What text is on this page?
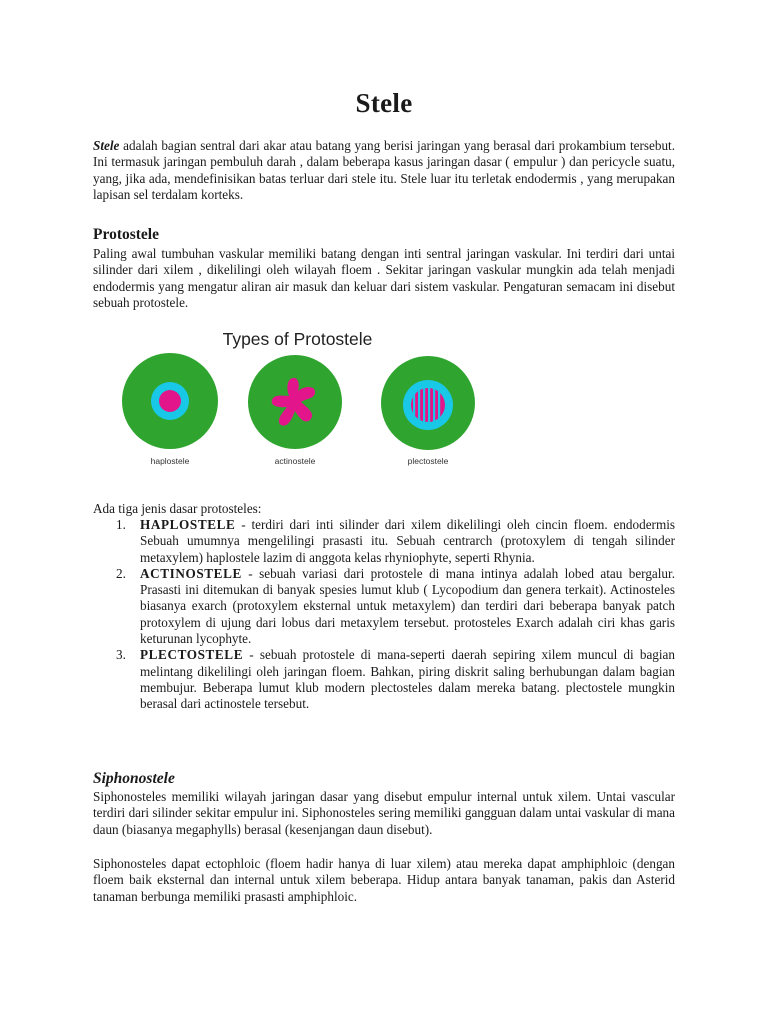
Stele

Stele adalah bagian sentral dari akar atau batang yang berisi jaringan yang berasal dari prokambium tersebut. Ini termasuk jaringan pembuluh darah , dalam beberapa kasus jaringan dasar ( empulur ) dan pericycle suatu, yang, jika ada, mendefinisikan batas terluar dari stele itu. Stele luar itu terletak endodermis , yang merupakan lapisan sel terdalam korteks.

Protostele

Paling awal tumbuhan vaskular memiliki batang dengan inti sentral jaringan vaskular. Ini terdiri dari untai silinder dari xilem , dikelilingi oleh wilayah floem . Sekitar jaringan vaskular mungkin ada telah menjadi endodermis yang mengatur aliran air masuk dan keluar dari sistem vaskular. Pengaturan semacam ini disebut sebuah protostele.

Types of Protostele
haplostele	actinostele	plectostele

Ada tiga jenis dasar protosteles:

1. HAPLOSTELE - terdiri dari inti silinder dari xilem dikelilingi oleh cincin floem. endodermis Sebuah umumnya mengelilingi prasasti itu. Sebuah centrarch (protoxylem di tengah silinder metaxylem) haplostele lazim di anggota kelas rhyniophyte, seperti Rhynia.

2. ACTINOSTELE - sebuah variasi dari protostele di mana intinya adalah lobed atau bergalur. Prasasti ini ditemukan di banyak spesies lumut klub ( Lycopodium dan genera terkait). Actinosteles biasanya exarch (protoxylem eksternal untuk metaxylem) dan terdiri dari beberapa banyak patch protoxylem di ujung dari lobus dari metaxylem tersebut. protosteles Exarch adalah ciri khas garis keturunan lycophyte.

3. PLECTOSTELE - sebuah protostele di mana-seperti daerah sepiring xilem muncul di bagian melintang dikelilingi oleh jaringan floem. Bahkan, piring diskrit saling berhubungan dalam bagian membujur. Beberapa lumut klub modern plectosteles dalam mereka batang. plectostele mungkin berasal dari actinostele tersebut.

Siphonostele

Siphonosteles memiliki wilayah jaringan dasar yang disebut empulur internal untuk xilem. Untai vascular terdiri dari silinder sekitar empulur ini. Siphonosteles sering memiliki gangguan dalam untai vaskular di mana daun (biasanya megaphylls) berasal (kesenjangan daun disebut).

Siphonosteles dapat ectophloic (floem hadir hanya di luar xilem) atau mereka dapat amphiphloic (dengan floem baik eksternal dan internal untuk xilem beberapa. Hidup antara banyak tanaman, pakis dan Asterid tanaman berbunga memiliki prasasti amphiphloic.
